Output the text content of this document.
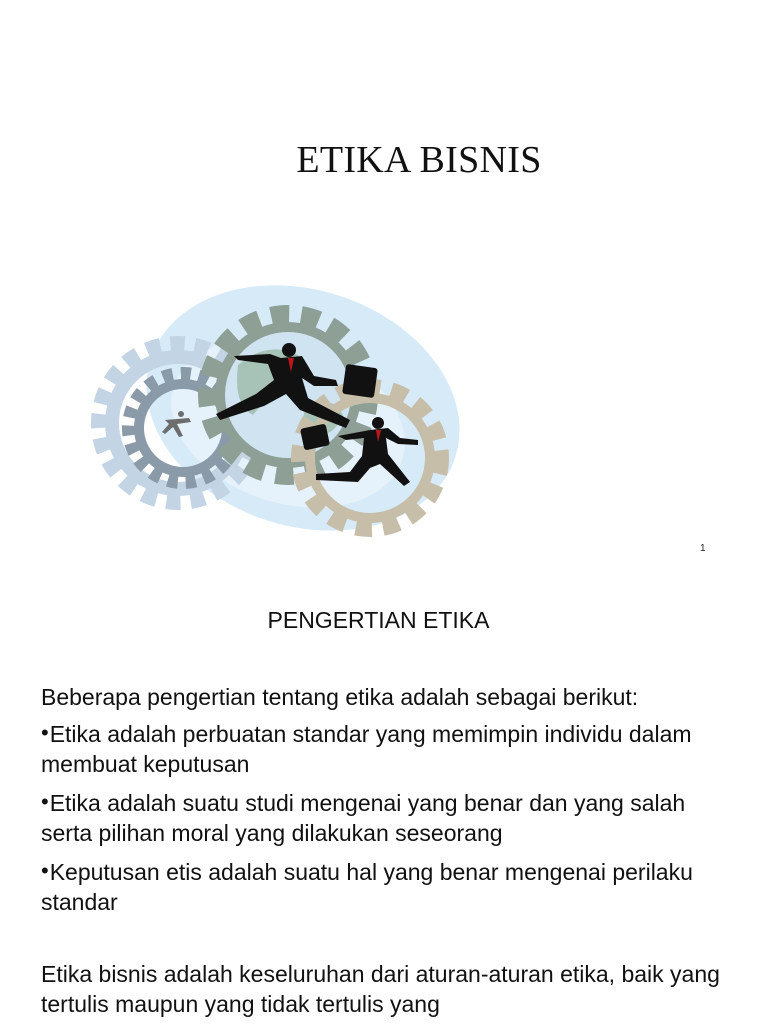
ETIKA BISNIS
1
PENGERTIAN ETIKA

Beberapa pengertian tentang etika adalah sebagai berikut:

•Etika adalah perbuatan standar yang memimpin individu dalam membuat keputusan

•Etika adalah suatu studi mengenai yang benar dan yang salah serta pilihan moral yang dilakukan seseorang

•Keputusan etis adalah suatu hal yang benar mengenai perilaku standar

Etika bisnis adalah keseluruhan dari aturan-aturan etika, baik yang tertulis maupun yang tidak tertulis yang
